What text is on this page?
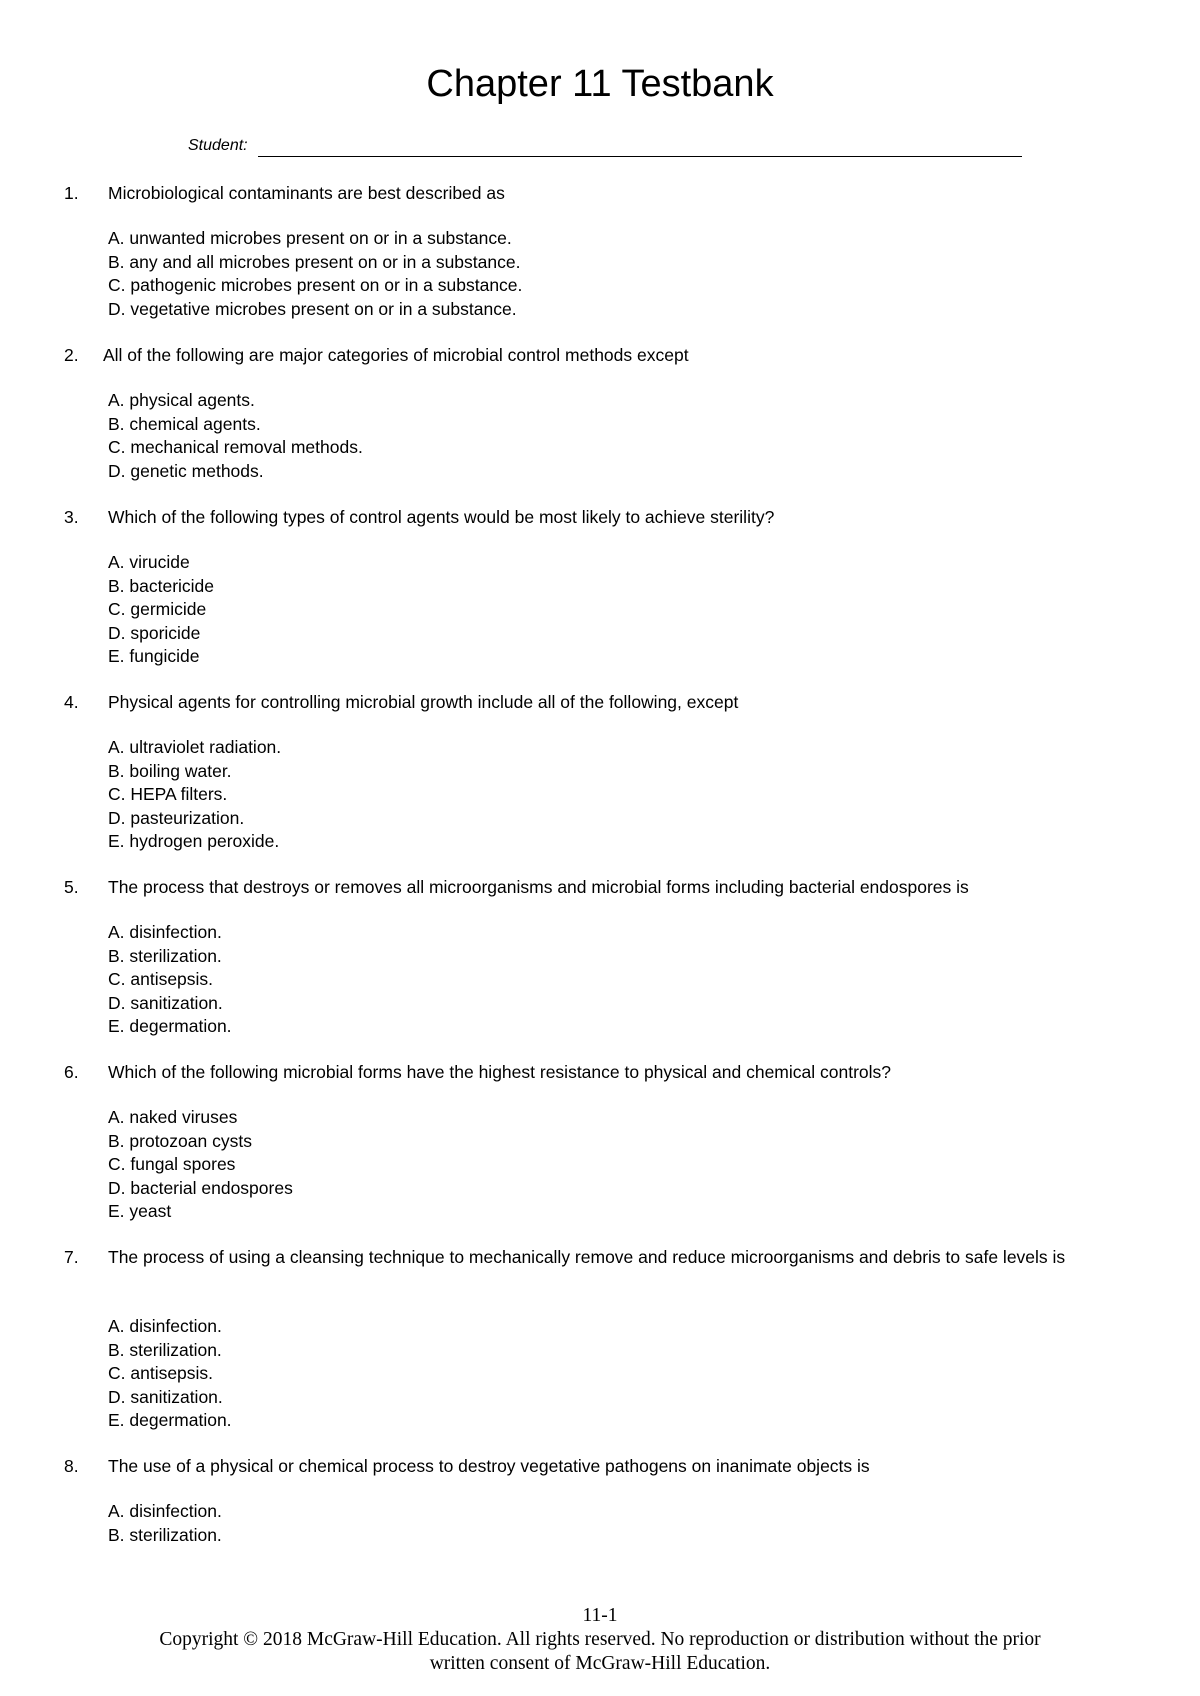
Chapter 11 Testbank
Student:
1. Microbiological contaminants are best described as
A. unwanted microbes present on or in a substance.
B. any and all microbes present on or in a substance.
C. pathogenic microbes present on or in a substance.
D. vegetative microbes present on or in a substance.
2. All of the following are major categories of microbial control methods except
A. physical agents.
B. chemical agents.
C. mechanical removal methods.
D. genetic methods.
3. Which of the following types of control agents would be most likely to achieve sterility?
A. virucide
B. bactericide
C. germicide
D. sporicide
E. fungicide
4. Physical agents for controlling microbial growth include all of the following, except
A. ultraviolet radiation.
B. boiling water.
C. HEPA filters.
D. pasteurization.
E. hydrogen peroxide.
5. The process that destroys or removes all microorganisms and microbial forms including bacterial endospores is
A. disinfection.
B. sterilization.
C. antisepsis.
D. sanitization.
E. degermation.
6. Which of the following microbial forms have the highest resistance to physical and chemical controls?
A. naked viruses
B. protozoan cysts
C. fungal spores
D. bacterial endospores
E. yeast
7. The process of using a cleansing technique to mechanically remove and reduce microorganisms and debris to safe levels is
A. disinfection.
B. sterilization.
C. antisepsis.
D. sanitization.
E. degermation.
8. The use of a physical or chemical process to destroy vegetative pathogens on inanimate objects is
A. disinfection.
B. sterilization.
11-1
Copyright © 2018 McGraw-Hill Education. All rights reserved. No reproduction or distribution without the prior
written consent of McGraw-Hill Education.
